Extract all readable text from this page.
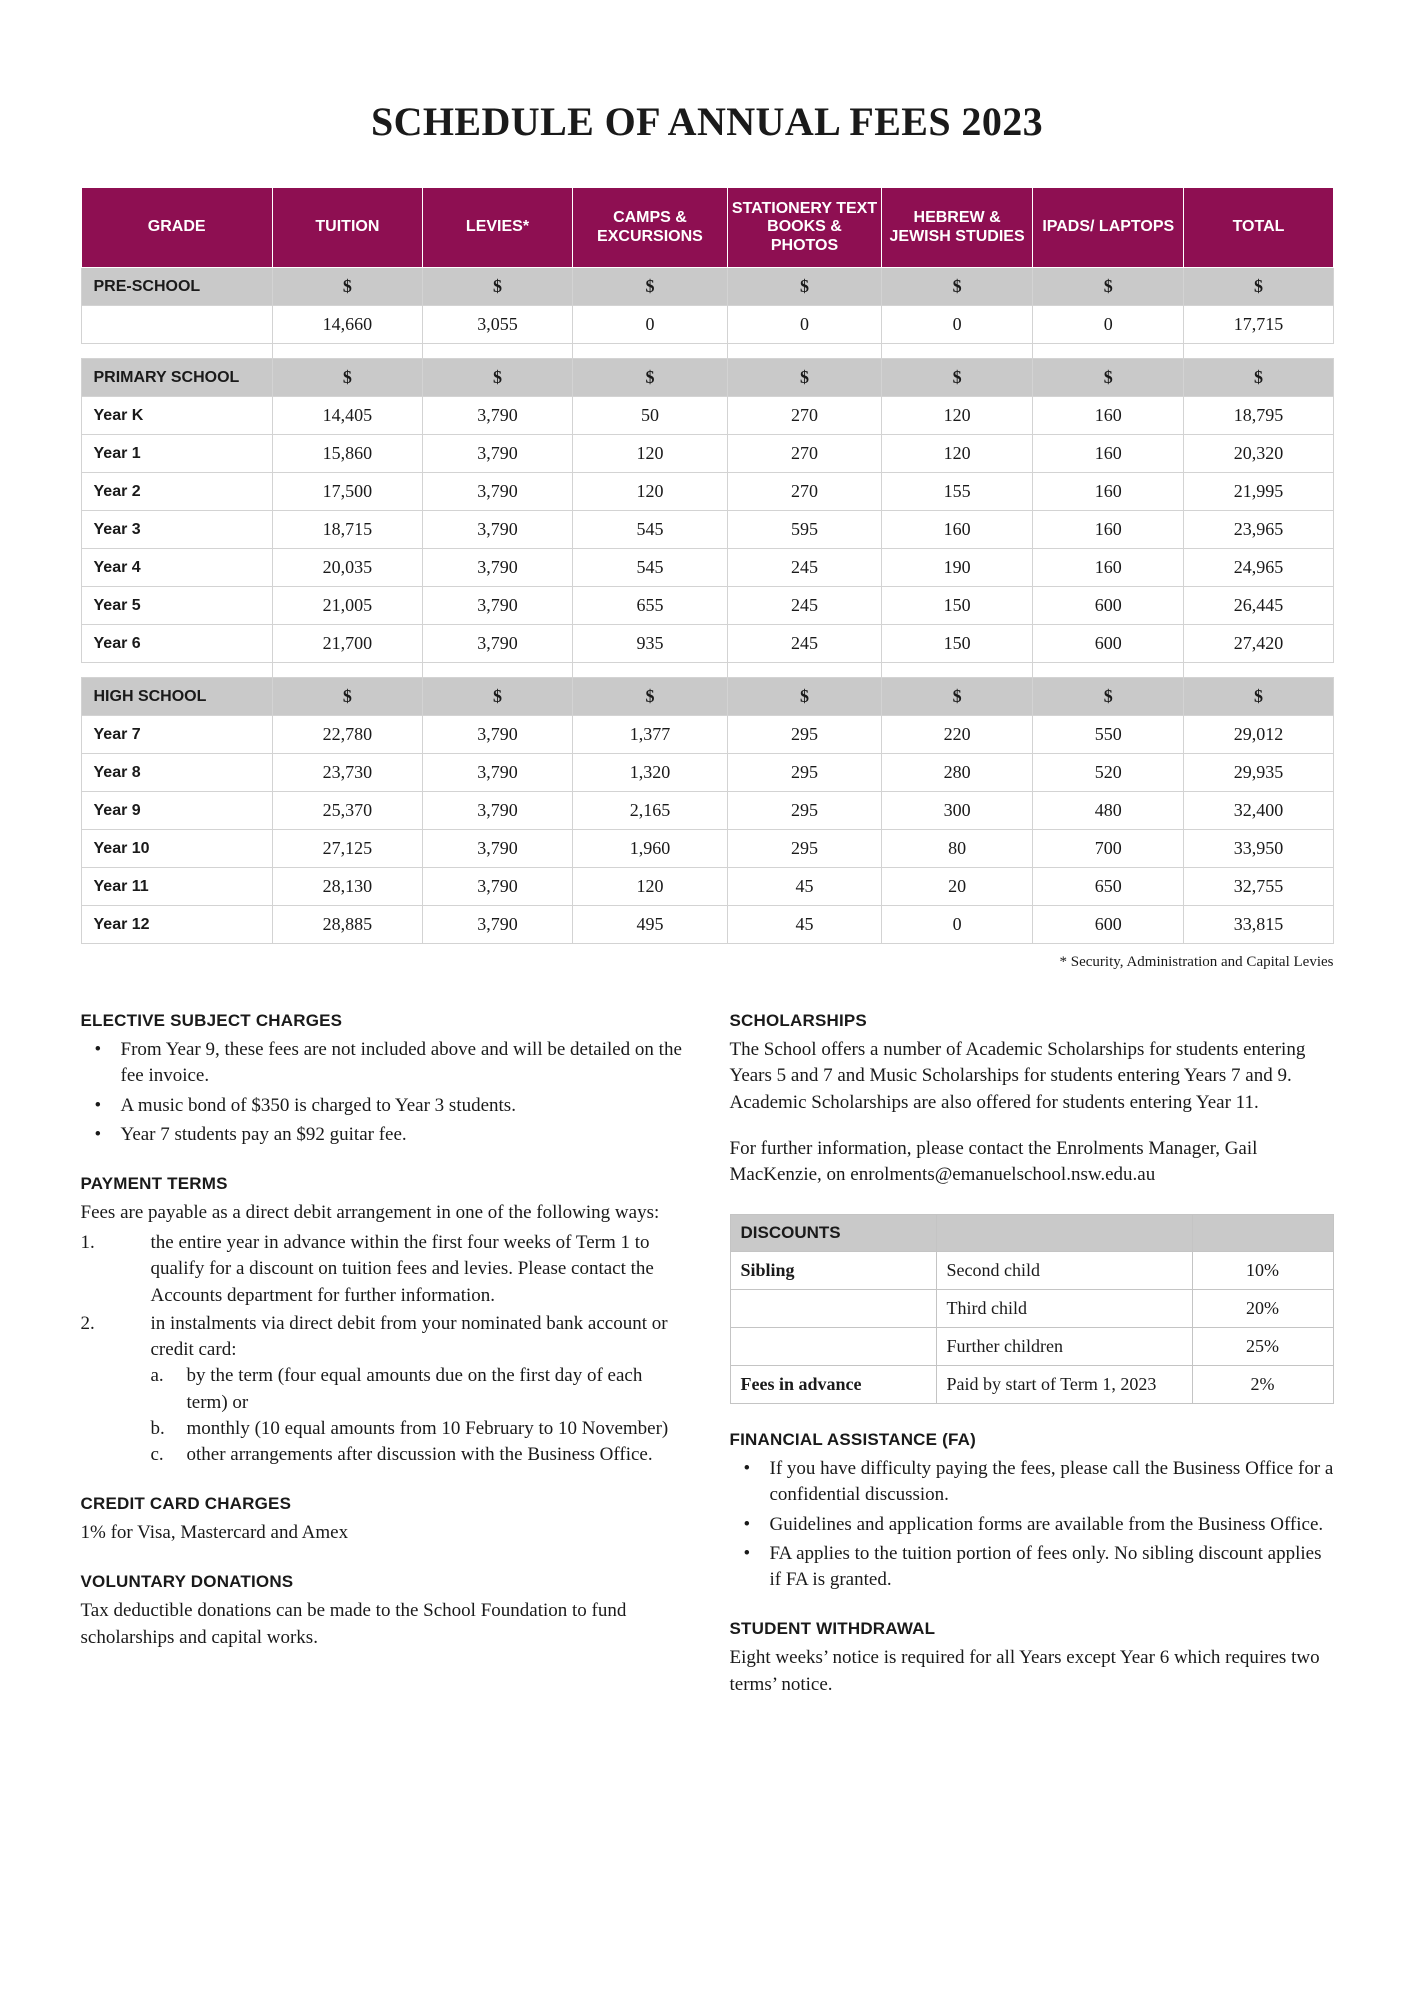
SCHEDULE OF ANNUAL FEES 2023
GRADE	TUITION	LEVIES*	CAMPS & EXCURSIONS	STATIONERY TEXT BOOKS & PHOTOS	HEBREW & JEWISH STUDIES	IPADS/ LAPTOPS	TOTAL
PRE-SCHOOL	$	$	$	$	$	$	$
	14,660	3,055	0	0	0	0	17,715

PRIMARY SCHOOL	$	$	$	$	$	$	$
Year K	14,405	3,790	50	270	120	160	18,795
Year 1	15,860	3,790	120	270	120	160	20,320
Year 2	17,500	3,790	120	270	155	160	21,995
Year 3	18,715	3,790	545	595	160	160	23,965
Year 4	20,035	3,790	545	245	190	160	24,965
Year 5	21,005	3,790	655	245	150	600	26,445
Year 6	21,700	3,790	935	245	150	600	27,420

HIGH SCHOOL	$	$	$	$	$	$	$
Year 7	22,780	3,790	1,377	295	220	550	29,012
Year 8	23,730	3,790	1,320	295	280	520	29,935
Year 9	25,370	3,790	2,165	295	300	480	32,400
Year 10	27,125	3,790	1,960	295	80	700	33,950
Year 11	28,130	3,790	120	45	20	650	32,755
Year 12	28,885	3,790	495	45	0	600	33,815
* Security, Administration and Capital Levies
ELECTIVE SUBJECT CHARGES
• From Year 9, these fees are not included above and will be detailed on the fee invoice.
• A music bond of $350 is charged to Year 3 students.
• Year 7 students pay an $92 guitar fee.
PAYMENT TERMS

Fees are payable as a direct debit arrangement in one of the following ways:

1.	the entire year in advance within the first four weeks of Term 1 to qualify for a discount on tuition fees and levies. Please contact the Accounts department for further information.
2.	in instalments via direct debit from your nominated bank account or credit card:
a. by the term (four equal amounts due on the first day of each term) or
b. monthly (10 equal amounts from 10 February to 10 November)
c. other arrangements after discussion with the Business Office.
CREDIT CARD CHARGES

1% for Visa, Mastercard and Amex

VOLUNTARY DONATIONS

Tax deductible donations can be made to the School Foundation to fund scholarships and capital works.

SCHOLARSHIPS

The School offers a number of Academic Scholarships for students entering Years 5 and 7 and Music Scholarships for students entering Years 7 and 9. Academic Scholarships are also offered for students entering Year 11.

For further information, please contact the Enrolments Manager, Gail MacKenzie, on enrolments@emanuelschool.nsw.edu.au

DISCOUNTS		
Sibling	Second child	10%
	Third child	20%
	Further children	25%
Fees in advance	Paid by start of Term 1, 2023	2%
FINANCIAL ASSISTANCE (FA)
• If you have difficulty paying the fees, please call the Business Office for a confidential discussion.
• Guidelines and application forms are available from the Business Office.
• FA applies to the tuition portion of fees only. No sibling discount applies if FA is granted.
STUDENT WITHDRAWAL

Eight weeks’ notice is required for all Years except Year 6 which requires two terms’ notice.
